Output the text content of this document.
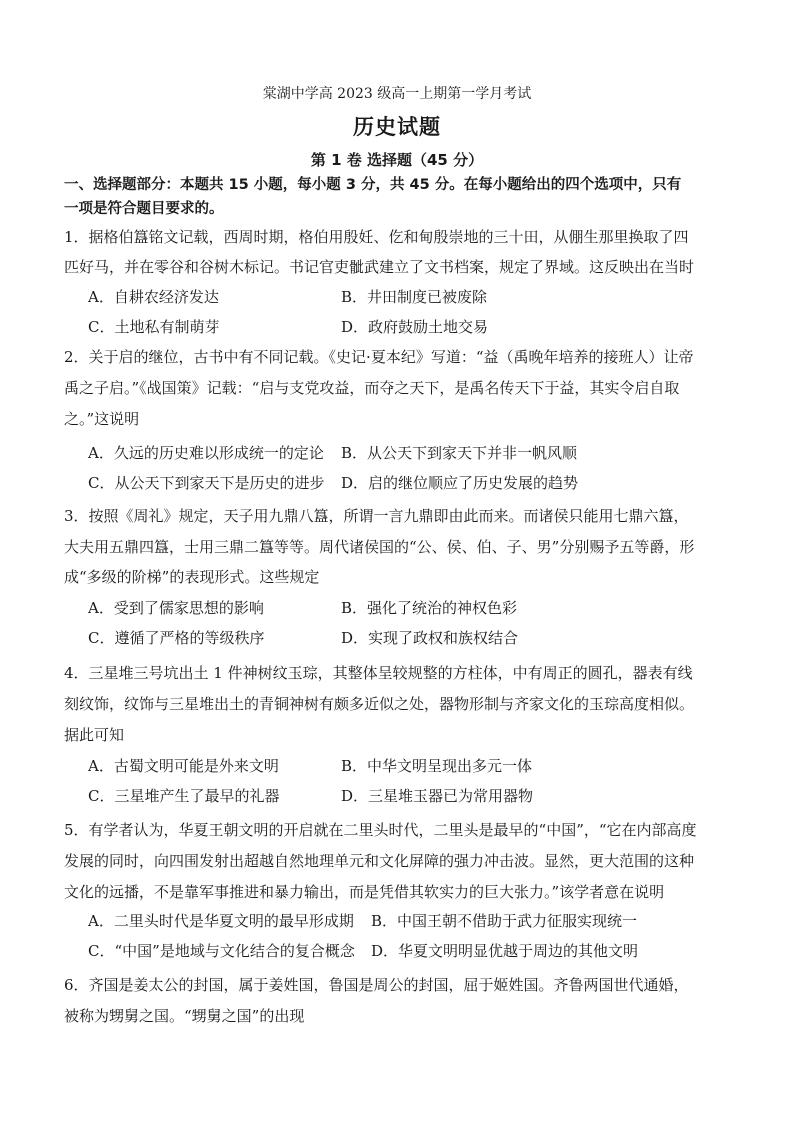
棠湖中学高 2023 级高一上期第一学月考试
历史试题
第 1 卷 选择题（45 分）
一、选择题部分：本题共 15 小题，每小题 3 分，共 45 分。在每小题给出的四个选项中，只有
一项是符合题目要求的。
1．据格伯簋铭文记载，西周时期，格伯用殷妊、仡和甸殷崇地的三十田，从倗生那里换取了四
匹好马，并在零谷和谷树木标记。书记官吏骴武建立了文书档案，规定了界域。这反映出在当时
A．自耕农经济发达	B．井田制度已被废除
C．土地私有制萌芽	D．政府鼓励土地交易
2．关于启的继位，古书中有不同记载。《史记·夏本纪》写道：“益（禹晚年培养的接班人）让帝
禹之子启。”《战国策》记载：“启与支党攻益，而夺之天下，是禹名传天下于益，其实令启自取
之。”这说明
A．久远的历史难以形成统一的定论 B．从公天下到家天下并非一帆风顺
C．从公天下到家天下是历史的进步 D．启的继位顺应了历史发展的趋势
3．按照《周礼》规定，天子用九鼎八簋，所谓一言九鼎即由此而来。而诸侯只能用七鼎六簋，
大夫用五鼎四簋，士用三鼎二簋等等。周代诸侯国的“公、侯、伯、子、男”分别赐予五等爵，形
成“多级的阶梯”的表现形式。这些规定
A．受到了儒家思想的影响	B．强化了统治的神权色彩
C．遵循了严格的等级秩序	D．实现了政权和族权结合
4．三星堆三号坑出土 1 件神树纹玉琮，其整体呈较规整的方柱体，中有周正的圆孔，器表有线
刻纹饰，纹饰与三星堆出土的青铜神树有颇多近似之处，器物形制与齐家文化的玉琮高度相似。
据此可知
A．古蜀文明可能是外来文明	B．中华文明呈现出多元一体
C．三星堆产生了最早的礼器	D．三星堆玉器已为常用器物
5．有学者认为，华夏王朝文明的开启就在二里头时代，二里头是最早的“中国”，“它在内部高度
发展的同时，向四围发射出超越自然地理单元和文化屏障的强力冲击波。显然，更大范围的这种
文化的远播，不是靠军事推进和暴力输出，而是凭借其软实力的巨大张力。”该学者意在说明
A．二里头时代是华夏文明的最早形成期 B．中国王朝不借助于武力征服实现统一
C．“中国”是地域与文化结合的复合概念 D．华夏文明明显优越于周边的其他文明
6．齐国是姜太公的封国，属于姜姓国，鲁国是周公的封国，屈于姬姓国。齐鲁两国世代通婚，
被称为甥舅之国。“甥舅之国”的出现
